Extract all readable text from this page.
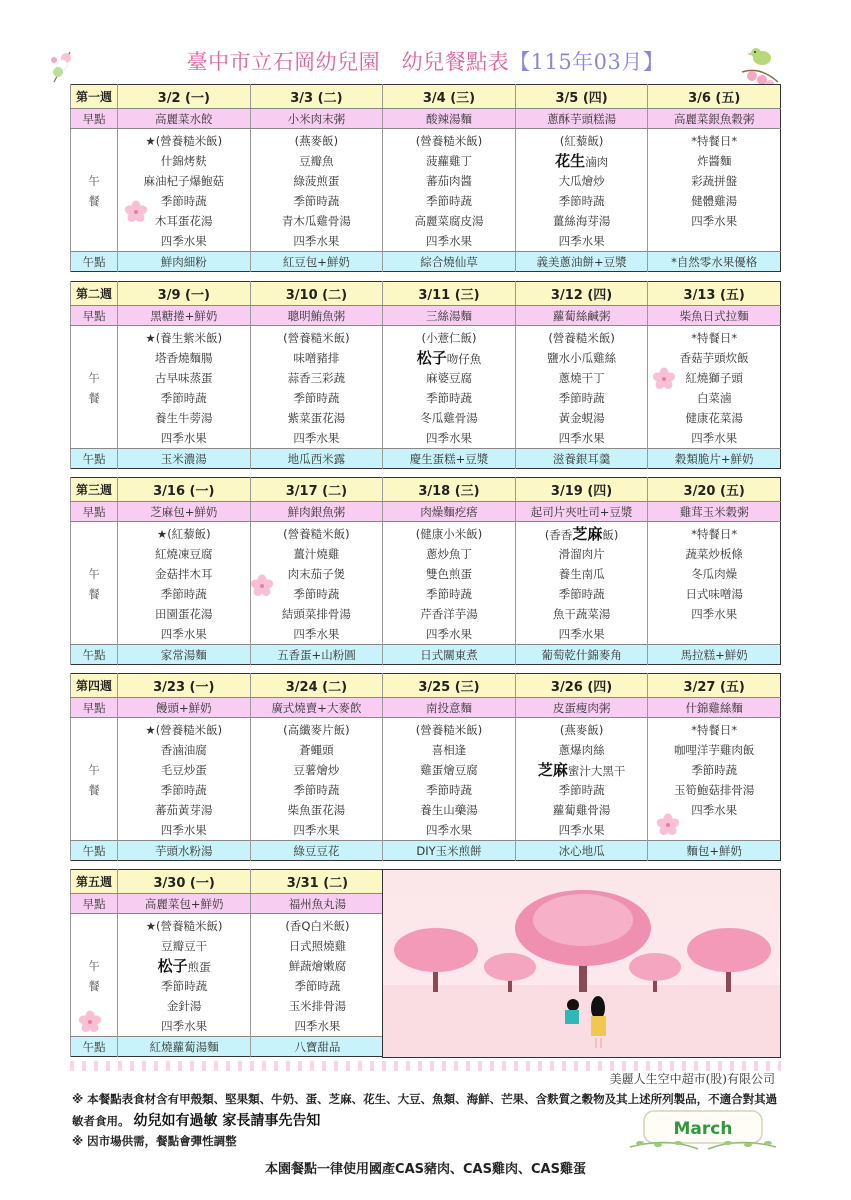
臺中市立石岡幼兒園　幼兒餐點表【115年03月】
第一週	3/2 (一)	3/3 (二)	3/4 (三)	3/5 (四)	3/6 (五)
早點	高麗菜水餃	小米肉末粥	酸辣湯麵	蔥酥芋頭糕湯	高麗菜銀魚穀粥

午
餐

★(營養糙米飯)
什錦烤麩
麻油杞子爆鮑菇
季節時蔬
木耳蛋花湯
四季水果

(燕麥飯)
豆瓣魚
綠菠煎蛋
季節時蔬
青木瓜雞骨湯
四季水果

(營養糙米飯)
菠蘿雞丁
蕃茄肉醬
季節時蔬
高麗菜腐皮湯
四季水果

(紅藜飯)
花生滷肉
大瓜燴炒
季節時蔬
薑絲海芽湯
四季水果

*特餐日*
炸醬麵
彩蔬拼盤
健體雞湯
四季水果

午點	鮮肉細粉	紅豆包+鮮奶	綜合燒仙草	義美蔥油餅+豆漿	*自然零水果優格
第二週	3/9 (一)	3/10 (二)	3/11 (三)	3/12 (四)	3/13 (五)
早點	黑糖捲+鮮奶	聰明鮪魚粥	三絲湯麵	蘿蔔絲鹹粥	柴魚日式拉麵

午
餐

★(養生紫米飯)
塔香燒麵腸
古早味蒸蛋
季節時蔬
養生牛蒡湯
四季水果

(營養糙米飯)
味噌豬排
蒜香三彩蔬
季節時蔬
紫菜蛋花湯
四季水果

(小薏仁飯)
松子吻仔魚
麻婆豆腐
季節時蔬
冬瓜雞骨湯
四季水果

(營養糙米飯)
鹽水小瓜雞絲
蔥燒干丁
季節時蔬
黃金蜆湯
四季水果

*特餐日*
香菇芋頭炊飯
紅燒獅子頭
白菜滷
健康花菜湯
四季水果

午點	玉米濃湯	地瓜西米露	慶生蛋糕+豆漿	滋養銀耳羹	穀類脆片+鮮奶
第三週	3/16 (一)	3/17 (二)	3/18 (三)	3/19 (四)	3/20 (五)
早點	芝麻包+鮮奶	鮮肉銀魚粥	肉燥麵疙瘩	起司片夾吐司+豆漿	雞茸玉米穀粥

午
餐

★(紅藜飯)
紅燒凍豆腐
金菇拌木耳
季節時蔬
田園蛋花湯
四季水果

(營養糙米飯)
薑汁燒雞
肉末茄子煲
季節時蔬
結頭菜排骨湯
四季水果

(健康小米飯)
蔥炒魚丁
雙色煎蛋
季節時蔬
芹香洋芋湯
四季水果

(香香芝麻飯)
滑溜肉片
養生南瓜
季節時蔬
魚干蔬菜湯
四季水果

*特餐日*
蔬菜炒板條
冬瓜肉燥
日式味噌湯
四季水果

午點	家常湯麵	五香蛋+山粉圓	日式關東煮	葡萄乾什錦麥角	馬拉糕+鮮奶
第四週	3/23 (一)	3/24 (二)	3/25 (三)	3/26 (四)	3/27 (五)
早點	饅頭+鮮奶	廣式燒賣+大麥飲	南投意麵	皮蛋瘦肉粥	什錦雞絲麵

午
餐

★(營養糙米飯)
香滷油腐
毛豆炒蛋
季節時蔬
蕃茄黃芽湯
四季水果

(高纖麥片飯)
蒼蠅頭
豆薯燴炒
季節時蔬
柴魚蛋花湯
四季水果

(營養糙米飯)
喜相逢
雞蛋燴豆腐
季節時蔬
養生山藥湯
四季水果

(燕麥飯)
蔥爆肉絲
芝麻蜜汁大黑干
季節時蔬
蘿蔔雞骨湯
四季水果

*特餐日*
咖哩洋芋雞肉飯
季節時蔬
玉筍鮑菇排骨湯
四季水果

午點	芋頭水粉湯	綠豆豆花	DIY玉米煎餅	冰心地瓜	麵包+鮮奶
第五週	3/30 (一)	3/31 (二)
早點	高麗菜包+鮮奶	福州魚丸湯

午
餐

★(營養糙米飯)
豆瓣豆干
松子煎蛋
季節時蔬
金針湯
四季水果

(香Q白米飯)
日式照燒雞
鮮蔬燴嫩腐
季節時蔬
玉米排骨湯
四季水果

午點	紅燒蘿蔔湯麵	八寶甜品
美麗人生空中超市(股)有限公司
※ 本餐點表食材含有甲殼類、堅果類、牛奶、蛋、芝麻、花生、大豆、魚類、海鮮、芒果、含麩質之穀物及其上述所列製品，不適合對其過敏者食用。 幼兒如有過敏 家長請事先告知
※ 因市場供需，餐點會彈性調整
本園餐點一律使用國產CAS豬肉、CAS雞肉、CAS雞蛋
March
